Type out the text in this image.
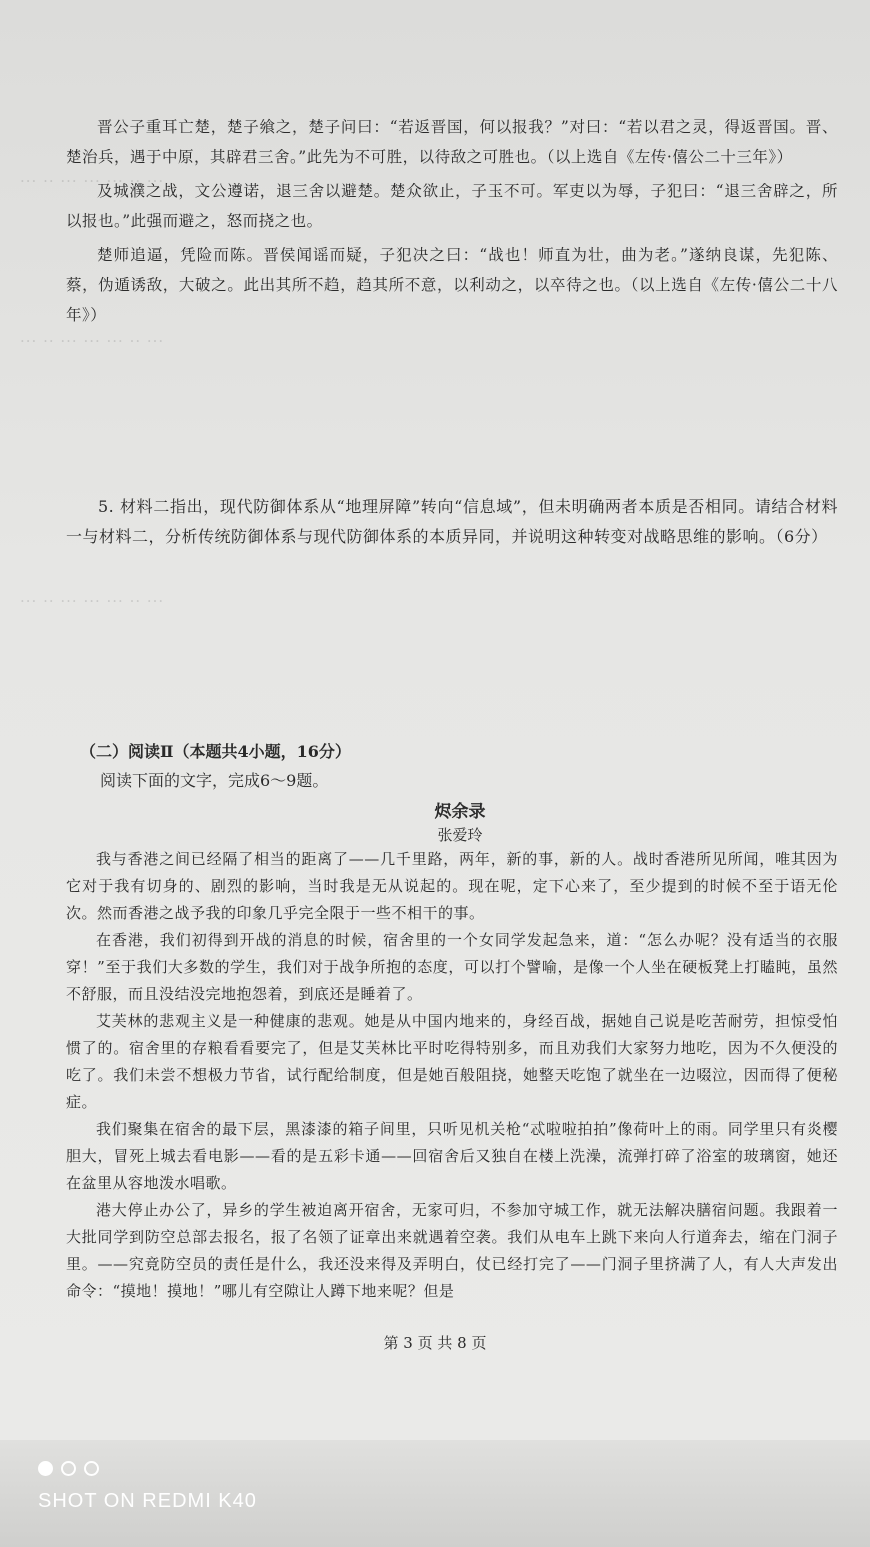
··· ·· ··· ··· ··· ·· ···
··· ·· ··· ··· ··· ·· ···
··· ·· ··· ··· ··· ·· ···

晋公子重耳亡楚，楚子飨之，楚子问曰：“若返晋国，何以报我？”对曰：“若以君之灵，得返晋国。晋、楚治兵，遇于中原，其辟君三舍。”此先为不可胜，以待敌之可胜也。（以上选自《左传·僖公二十三年》）

及城濮之战，文公遵诺，退三舍以避楚。楚众欲止，子玉不可。军吏以为辱，子犯曰：“退三舍辟之，所以报也。”此强而避之，怒而挠之也。

楚师追逼，凭险而陈。晋侯闻谣而疑，子犯决之曰：“战也！师直为壮，曲为老。”遂纳良谋，先犯陈、蔡，伪遁诱敌，大破之。此出其所不趋，趋其所不意，以利动之，以卒待之也。（以上选自《左传·僖公二十八年》）

5. 材料二指出，现代防御体系从“地理屏障”转向“信息域”，但未明确两者本质是否相同。请结合材料一与材料二，分析传统防御体系与现代防御体系的本质异同，并说明这种转变对战略思维的影响。（6分）

（二）阅读Ⅱ（本题共4小题，16分）
阅读下面的文字，完成6～9题。
烬余录
张爱玲

我与香港之间已经隔了相当的距离了——几千里路，两年，新的事，新的人。战时香港所见所闻，唯其因为它对于我有切身的、剧烈的影响，当时我是无从说起的。现在呢，定下心来了，至少提到的时候不至于语无伦次。然而香港之战予我的印象几乎完全限于一些不相干的事。

在香港，我们初得到开战的消息的时候，宿舍里的一个女同学发起急来，道：“怎么办呢？没有适当的衣服穿！”至于我们大多数的学生，我们对于战争所抱的态度，可以打个譬喻，是像一个人坐在硬板凳上打瞌盹，虽然不舒服，而且没结没完地抱怨着，到底还是睡着了。

艾芙林的悲观主义是一种健康的悲观。她是从中国内地来的，身经百战，据她自己说是吃苦耐劳，担惊受怕惯了的。宿舍里的存粮看看要完了，但是艾芙林比平时吃得特别多，而且劝我们大家努力地吃，因为不久便没的吃了。我们未尝不想极力节省，试行配给制度，但是她百般阻挠，她整天吃饱了就坐在一边啜泣，因而得了便秘症。

我们聚集在宿舍的最下层，黑漆漆的箱子间里，只听见机关枪“忒啦啦拍拍”像荷叶上的雨。同学里只有炎樱胆大，冒死上城去看电影——看的是五彩卡通——回宿舍后又独自在楼上洗澡，流弹打碎了浴室的玻璃窗，她还在盆里从容地泼水唱歌。

港大停止办公了，异乡的学生被迫离开宿舍，无家可归，不参加守城工作，就无法解决膳宿问题。我跟着一大批同学到防空总部去报名，报了名领了证章出来就遇着空袭。我们从电车上跳下来向人行道奔去，缩在门洞子里。——究竟防空员的责任是什么，我还没来得及弄明白，仗已经打完了——门洞子里挤满了人，有人大声发出命令：“摸地！摸地！”哪儿有空隙让人蹲下地来呢？但是

第 3 页 共 8 页
SHOT ON REDMI K40
